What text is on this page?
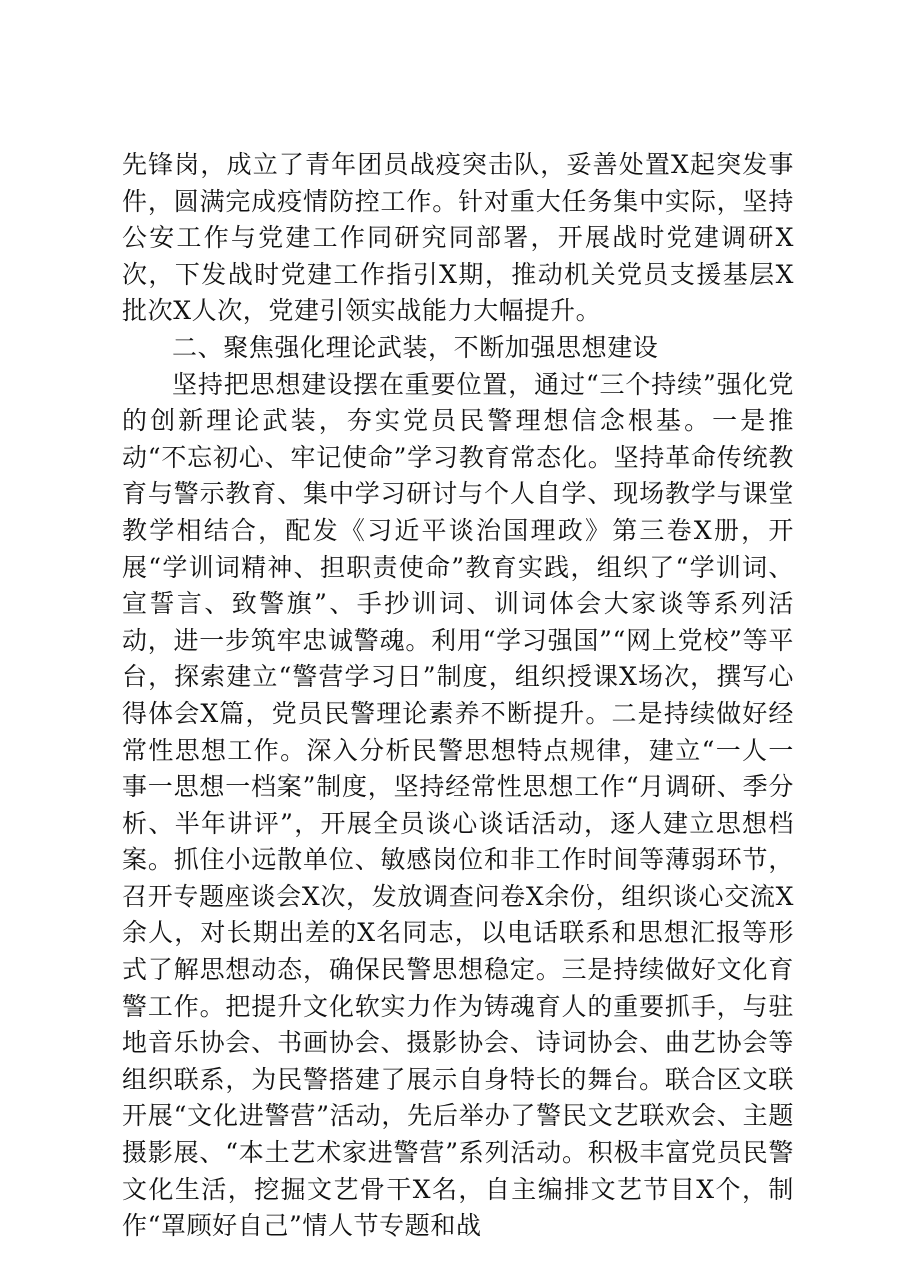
先锋岗，成立了青年团员战疫突击队，妥善处置X起突发事件，圆满完成疫情防控工作。针对重大任务集中实际，坚持公安工作与党建工作同研究同部署，开展战时党建调研X次，下发战时党建工作指引X期，推动机关党员支援基层X批次X人次，党建引领实战能力大幅提升。

二、聚焦强化理论武装，不断加强思想建设

坚持把思想建设摆在重要位置，通过“三个持续”强化党的创新理论武装，夯实党员民警理想信念根基。一是推动“不忘初心、牢记使命”学习教育常态化。坚持革命传统教育与警示教育、集中学习研讨与个人自学、现场教学与课堂教学相结合，配发《习近平谈治国理政》第三卷X册，开展“学训词精神、担职责使命”教育实践，组织了“学训词、宣誓言、致警旗”、手抄训词、训词体会大家谈等系列活动，进一步筑牢忠诚警魂。利用“学习强国”“网上党校”等平台，探索建立“警营学习日”制度，组织授课X场次，撰写心得体会X篇，党员民警理论素养不断提升。二是持续做好经常性思想工作。深入分析民警思想特点规律，建立“一人一事一思想一档案”制度，坚持经常性思想工作“月调研、季分析、半年讲评”，开展全员谈心谈话活动，逐人建立思想档案。抓住小远散单位、敏感岗位和非工作时间等薄弱环节，召开专题座谈会X次，发放调查问卷X余份，组织谈心交流X余人，对长期出差的X名同志，以电话联系和思想汇报等形式了解思想动态，确保民警思想稳定。三是持续做好文化育警工作。把提升文化软实力作为铸魂育人的重要抓手，与驻地音乐协会、书画协会、摄影协会、诗词协会、曲艺协会等组织联系，为民警搭建了展示自身特长的舞台。联合区文联开展“文化进警营”活动，先后举办了警民文艺联欢会、主题摄影展、“本土艺术家进警营”系列活动。积极丰富党员民警文化生活，挖掘文艺骨干X名，自主编排文艺节目X个，制作“罩顾好自己”情人节专题和战
